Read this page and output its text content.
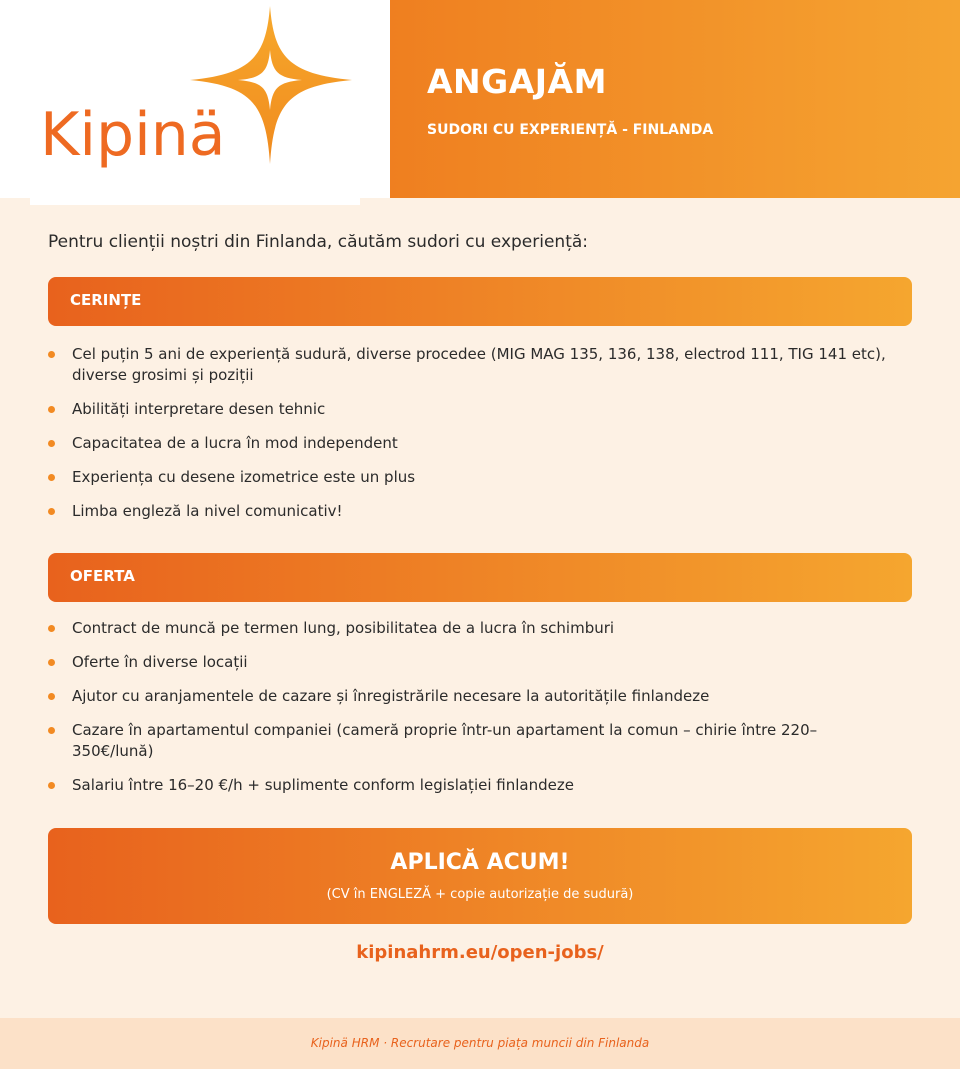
Kipinä
ANGAJĂM
SUDORI CU EXPERIENȚĂ - FINLANDA
Pentru clienții noștri din Finlanda, căutăm sudori cu experiență:
CERINȚE
Cel puțin 5 ani de experiență sudură, diverse procedee (MIG MAG 135, 136, 138, electrod 111, TIG 141 etc), diverse grosimi și poziții
Abilități interpretare desen tehnic
Capacitatea de a lucra în mod independent
Experiența cu desene izometrice este un plus
Limba engleză la nivel comunicativ!
OFERTA
Contract de muncă pe termen lung, posibilitatea de a lucra în schimburi
Oferte în diverse locații
Ajutor cu aranjamentele de cazare și înregistrările necesare la autoritățile finlandeze
Cazare în apartamentul companiei (cameră proprie într-un apartament la comun – chirie între 220–350€/lună)
Salariu între 16–20 €/h + suplimente conform legislației finlandeze
APLICĂ ACUM!
(CV în ENGLEZĂ + copie autorizație de sudură)
kipinahrm.eu/open-jobs/
Kipinä HRM · Recrutare pentru piața muncii din Finlanda
